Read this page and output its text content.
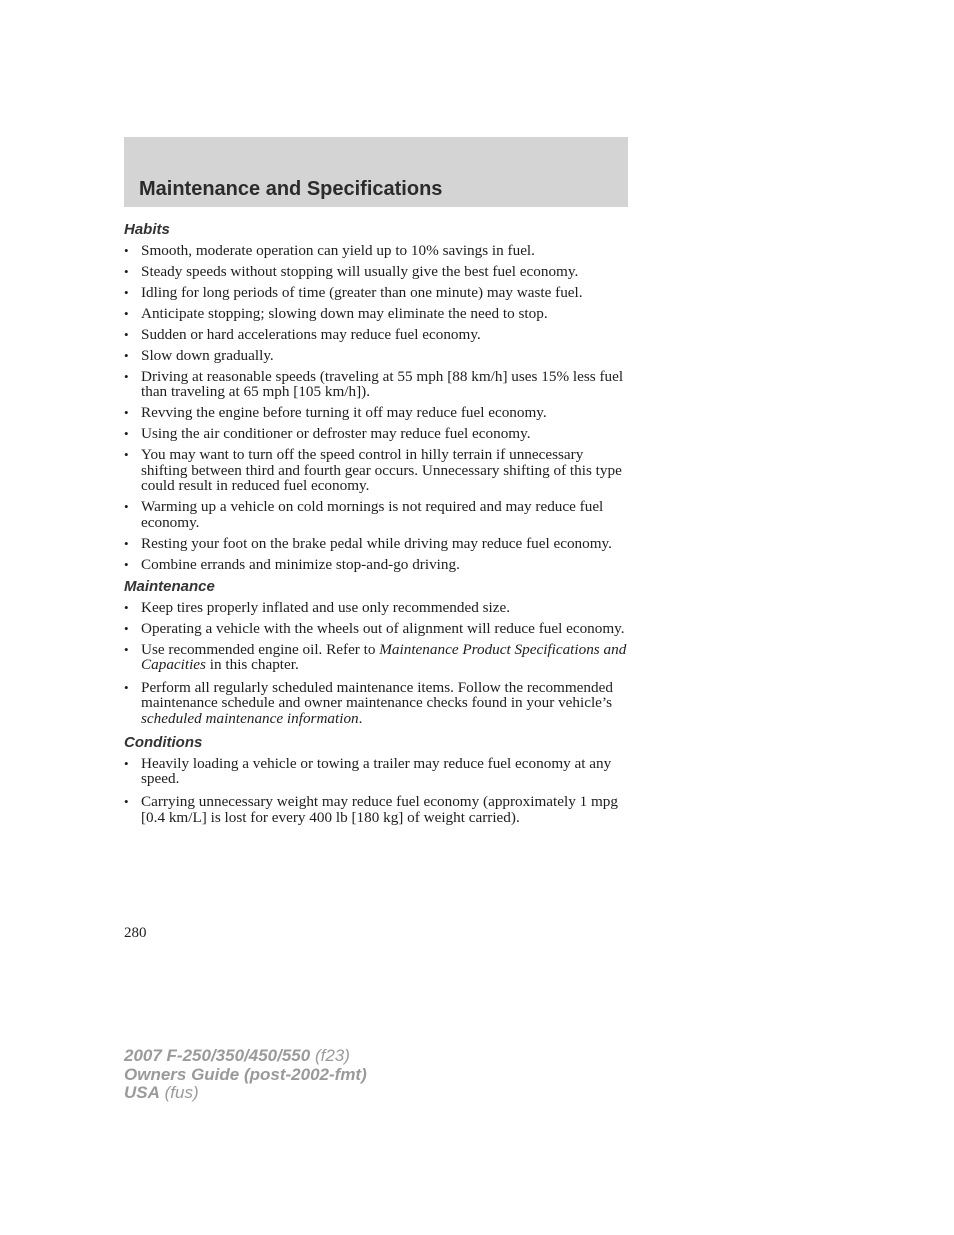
Maintenance and Specifications
Habits
• Smooth, moderate operation can yield up to 10% savings in fuel.
• Steady speeds without stopping will usually give the best fuel economy.
• Idling for long periods of time (greater than one minute) may waste fuel.
• Anticipate stopping; slowing down may eliminate the need to stop.
• Sudden or hard accelerations may reduce fuel economy.
• Slow down gradually.
• Driving at reasonable speeds (traveling at 55 mph [88 km/h] uses 15% less fuel than traveling at 65 mph [105 km/h]).
• Revving the engine before turning it off may reduce fuel economy.
• Using the air conditioner or defroster may reduce fuel economy.
• You may want to turn off the speed control in hilly terrain if unnecessary shifting between third and fourth gear occurs. Unnecessary shifting of this type could result in reduced fuel economy.
• Warming up a vehicle on cold mornings is not required and may reduce fuel economy.
• Resting your foot on the brake pedal while driving may reduce fuel economy.
• Combine errands and minimize stop-and-go driving.
Maintenance
• Keep tires properly inflated and use only recommended size.
• Operating a vehicle with the wheels out of alignment will reduce fuel economy.
• Use recommended engine oil. Refer to Maintenance Product Specifications and Capacities in this chapter.
• Perform all regularly scheduled maintenance items. Follow the recommended maintenance schedule and owner maintenance checks found in your vehicle’s scheduled maintenance information.
Conditions
• Heavily loading a vehicle or towing a trailer may reduce fuel economy at any speed.
• Carrying unnecessary weight may reduce fuel economy (approximately 1 mpg [0.4 km/L] is lost for every 400 lb [180 kg] of weight carried).
280
2007 F-250/350/450/550 (f23)
Owners Guide (post-2002-fmt)
USA (fus)
